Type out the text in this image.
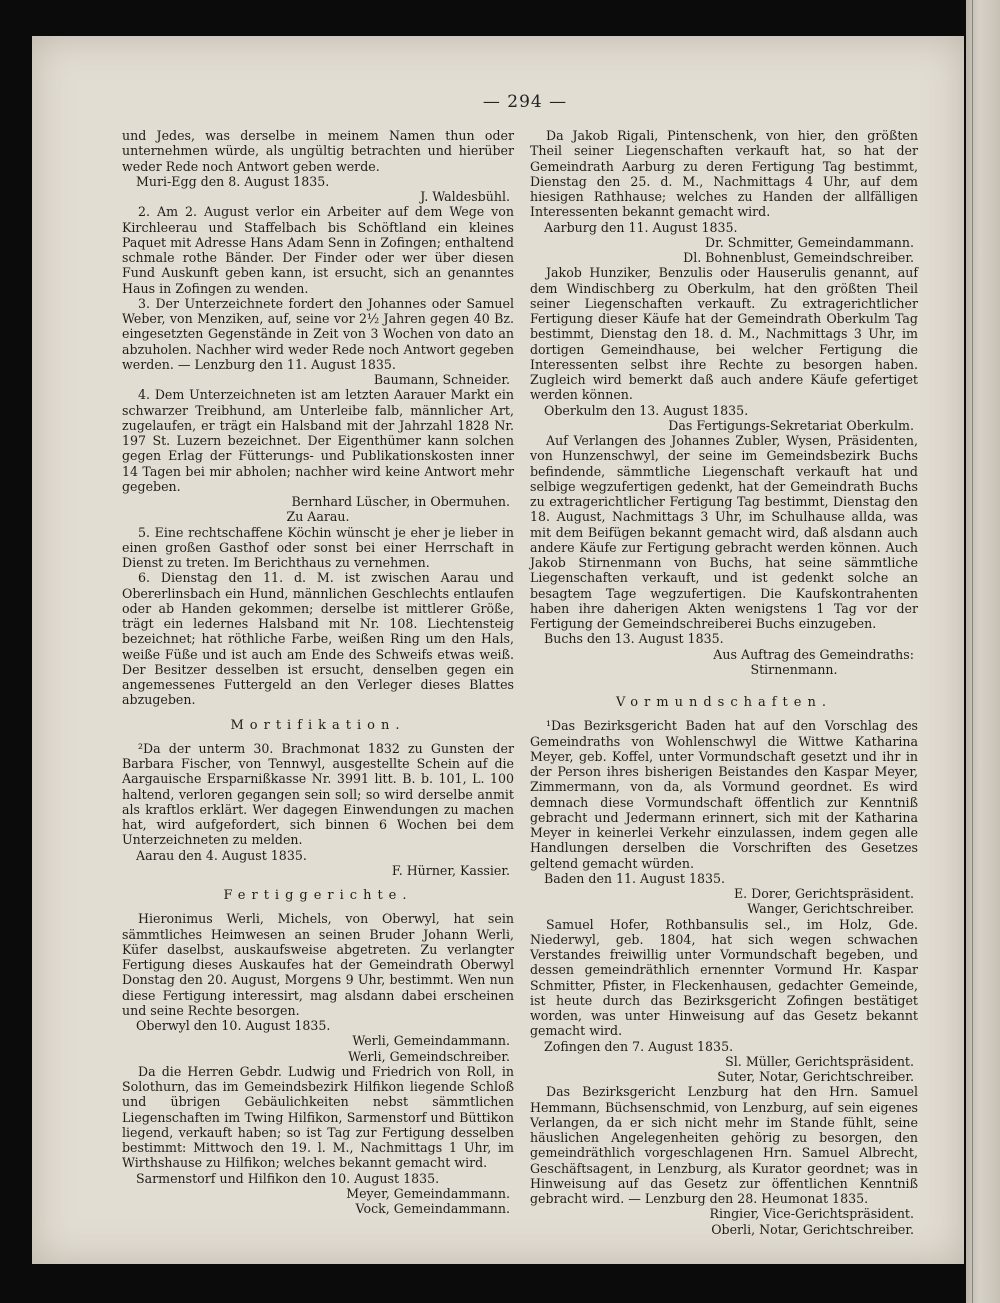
— 294 —

und Jedes, was derselbe in meinem Namen thun oder unternehmen würde, als ungültig betrachten und hierüber weder Rede noch Antwort geben werde.

Muri-Egg den 8. August 1835.

J. Waldesbühl.

2. Am 2. August verlor ein Arbeiter auf dem Wege von Kirchleerau und Staffelbach bis Schöftland ein kleines Paquet mit Adresse Hans Adam Senn in Zofingen; enthaltend schmale rothe Bänder. Der Finder oder wer über diesen Fund Auskunft geben kann, ist ersucht, sich an genanntes Haus in Zofingen zu wenden.

3. Der Unterzeichnete fordert den Johannes oder Samuel Weber, von Menziken, auf, seine vor 2½ Jahren gegen 40 Bz. eingesetzten Gegenstände in Zeit von 3 Wochen von dato an abzuholen. Nachher wird weder Rede noch Antwort gegeben werden. — Lenzburg den 11. August 1835.

Baumann, Schneider.

4. Dem Unterzeichneten ist am letzten Aarauer Markt ein schwarzer Treibhund, am Unterleibe falb, männlicher Art, zugelaufen, er trägt ein Halsband mit der Jahrzahl 1828 Nr. 197 St. Luzern bezeichnet. Der Eigenthümer kann solchen gegen Erlag der Fütterungs- und Publikationskosten inner 14 Tagen bei mir abholen; nachher wird keine Antwort mehr gegeben.

Bernhard Lüscher, in Obermuhen.

Zu Aarau.

5. Eine rechtschaffene Köchin wünscht je eher je lieber in einen großen Gasthof oder sonst bei einer Herrschaft in Dienst zu treten. Im Berichthaus zu vernehmen.

6. Dienstag den 11. d. M. ist zwischen Aarau und Obererlinsbach ein Hund, männlichen Geschlechts entlaufen oder ab Handen gekommen; derselbe ist mittlerer Größe, trägt ein ledernes Halsband mit Nr. 108. Liechtensteig bezeichnet; hat röthliche Farbe, weißen Ring um den Hals, weiße Füße und ist auch am Ende des Schweifs etwas weiß. Der Besitzer desselben ist ersucht, denselben gegen ein angemessenes Futtergeld an den Verleger dieses Blattes abzugeben.

Mortifikation.

²Da der unterm 30. Brachmonat 1832 zu Gunsten der Barbara Fischer, von Tennwyl, ausgestellte Schein auf die Aargauische Ersparnißkasse Nr. 3991 litt. B. b. 101, L. 100 haltend, verloren gegangen sein soll; so wird derselbe anmit als kraftlos erklärt. Wer dagegen Einwendungen zu machen hat, wird aufgefordert, sich binnen 6 Wochen bei dem Unterzeichneten zu melden.

Aarau den 4. August 1835.

F. Hürner, Kassier.

Fertiggerichte.

Hieronimus Werli, Michels, von Oberwyl, hat sein sämmtliches Heimwesen an seinen Bruder Johann Werli, Küfer daselbst, auskaufsweise abgetreten. Zu verlangter Fertigung dieses Auskaufes hat der Gemeindrath Oberwyl Donstag den 20. August, Morgens 9 Uhr, bestimmt. Wen nun diese Fertigung interessirt, mag alsdann dabei erscheinen und seine Rechte besorgen.

Oberwyl den 10. August 1835.

Werli, Gemeindammann.

Werli, Gemeindschreiber.

Da die Herren Gebdr. Ludwig und Friedrich von Roll, in Solothurn, das im Gemeindsbezirk Hilfikon liegende Schloß und übrigen Gebäulichkeiten nebst sämmtlichen Liegenschaften im Twing Hilfikon, Sarmenstorf und Büttikon liegend, verkauft haben; so ist Tag zur Fertigung desselben bestimmt: Mittwoch den 19. l. M., Nachmittags 1 Uhr, im Wirthshause zu Hilfikon; welches bekannt gemacht wird.

Sarmenstorf und Hilfikon den 10. August 1835.

Meyer, Gemeindammann.

Vock, Gemeindammann.

Da Jakob Rigali, Pintenschenk, von hier, den größten Theil seiner Liegenschaften verkauft hat, so hat der Gemeindrath Aarburg zu deren Fertigung Tag bestimmt, Dienstag den 25. d. M., Nachmittags 4 Uhr, auf dem hiesigen Rathhause; welches zu Handen der allfälligen Interessenten bekannt gemacht wird.

Aarburg den 11. August 1835.

Dr. Schmitter, Gemeindammann.

Dl. Bohnenblust, Gemeindschreiber.

Jakob Hunziker, Benzulis oder Hauserulis genannt, auf dem Windischberg zu Oberkulm, hat den größten Theil seiner Liegenschaften verkauft. Zu extragerichtlicher Fertigung dieser Käufe hat der Gemeindrath Oberkulm Tag bestimmt, Dienstag den 18. d. M., Nachmittags 3 Uhr, im dortigen Gemeindhause, bei welcher Fertigung die Interessenten selbst ihre Rechte zu besorgen haben. Zugleich wird bemerkt daß auch andere Käufe gefertiget werden können.

Oberkulm den 13. August 1835.

Das Fertigungs-Sekretariat Oberkulm.

Auf Verlangen des Johannes Zubler, Wysen, Präsidenten, von Hunzenschwyl, der seine im Gemeindsbezirk Buchs befindende, sämmtliche Liegenschaft verkauft hat und selbige wegzufertigen gedenkt, hat der Gemeindrath Buchs zu extragerichtlicher Fertigung Tag bestimmt, Dienstag den 18. August, Nachmittags 3 Uhr, im Schulhause allda, was mit dem Beifügen bekannt gemacht wird, daß alsdann auch andere Käufe zur Fertigung gebracht werden können. Auch Jakob Stirnenmann von Buchs, hat seine sämmtliche Liegenschaften verkauft, und ist gedenkt solche an besagtem Tage wegzufertigen. Die Kaufskontrahenten haben ihre daherigen Akten wenigstens 1 Tag vor der Fertigung der Gemeindschreiberei Buchs einzugeben.

Buchs den 13. August 1835.

Aus Auftrag des Gemeindraths:

Stirnenmann.

Vormundschaften.

¹Das Bezirksgericht Baden hat auf den Vorschlag des Gemeindraths von Wohlenschwyl die Wittwe Katharina Meyer, geb. Koffel, unter Vormundschaft gesetzt und ihr in der Person ihres bisherigen Beistandes den Kaspar Meyer, Zimmermann, von da, als Vormund geordnet. Es wird demnach diese Vormundschaft öffentlich zur Kenntniß gebracht und Jedermann erinnert, sich mit der Katharina Meyer in keinerlei Verkehr einzulassen, indem gegen alle Handlungen derselben die Vorschriften des Gesetzes geltend gemacht würden.

Baden den 11. August 1835.

E. Dorer, Gerichtspräsident.

Wanger, Gerichtschreiber.

Samuel Hofer, Rothbansulis sel., im Holz, Gde. Niederwyl, geb. 1804, hat sich wegen schwachen Verstandes freiwillig unter Vormundschaft begeben, und dessen gemeindräthlich ernennter Vormund Hr. Kaspar Schmitter, Pfister, in Fleckenhausen, gedachter Gemeinde, ist heute durch das Bezirksgericht Zofingen bestätiget worden, was unter Hinweisung auf das Gesetz bekannt gemacht wird.

Zofingen den 7. August 1835.

Sl. Müller, Gerichtspräsident.

Suter, Notar, Gerichtschreiber.

Das Bezirksgericht Lenzburg hat den Hrn. Samuel Hemmann, Büchsenschmid, von Lenzburg, auf sein eigenes Verlangen, da er sich nicht mehr im Stande fühlt, seine häuslichen Angelegenheiten gehörig zu besorgen, den gemeindräthlich vorgeschlagenen Hrn. Samuel Albrecht, Geschäftsagent, in Lenzburg, als Kurator geordnet; was in Hinweisung auf das Gesetz zur öffentlichen Kenntniß gebracht wird. — Lenzburg den 28. Heumonat 1835.

Ringier, Vice-Gerichtspräsident.

Oberli, Notar, Gerichtschreiber.
